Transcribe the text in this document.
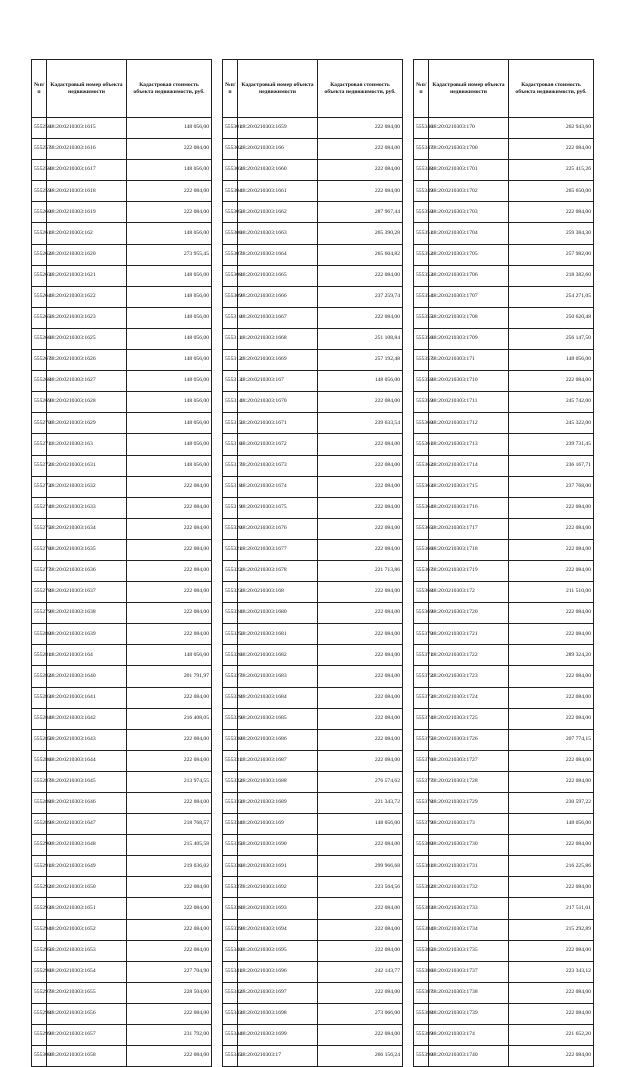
№п/п	Кадастровый номер объекта недвижимости	Кадастровая стоимость объекта недвижимости, руб.
555256	48:20:0210303:1615	148 056,00
555257	48:20:0210303:1616	222 084,00
555258	48:20:0210303:1617	148 056,00
555259	48:20:0210303:1618	222 084,00
555260	48:20:0210303:1619	222 084,00
555261	48:20:0210303:162	148 056,00
555262	48:20:0210303:1620	273 955,45
555263	48:20:0210303:1621	148 056,00
555264	48:20:0210303:1622	148 056,00
555265	48:20:0210303:1623	148 056,00
555266	48:20:0210303:1625	148 056,00
555267	48:20:0210303:1626	148 056,00
555268	48:20:0210303:1627	148 056,00
555269	48:20:0210303:1628	148 056,00
555270	48:20:0210303:1629	148 056,00
555271	48:20:0210303:163	148 056,00
555272	48:20:0210303:1631	148 056,00
555273	48:20:0210303:1632	222 084,00
555274	48:20:0210303:1633	222 084,00
555275	48:20:0210303:1634	222 084,00
555276	48:20:0210303:1635	222 084,00
555277	48:20:0210303:1636	222 084,00
555278	48:20:0210303:1637	222 084,00
555279	48:20:0210303:1638	222 084,00
555280	48:20:0210303:1639	222 084,00
555281	48:20:0210303:164	148 056,00
555282	48:20:0210303:1640	201 791,97
555283	48:20:0210303:1641	222 084,00
555284	48:20:0210303:1642	216 408,05
555285	48:20:0210303:1643	222 084,00
555286	48:20:0210303:1644	222 084,00
555287	48:20:0210303:1645	213 974,55
555288	48:20:0210303:1646	222 084,00
555289	48:20:0210303:1647	218 768,57
555290	48:20:0210303:1648	215 405,58
555291	48:20:0210303:1649	219 036,02
555292	48:20:0210303:1650	222 084,00
555293	48:20:0210303:1651	222 084,00
555294	48:20:0210303:1652	222 084,00
555295	48:20:0210303:1653	222 084,00
555296	48:20:0210303:1654	227 704,90
555297	48:20:0210303:1655	228 504,00
555298	48:20:0210303:1656	222 084,00
555299	48:20:0210303:1657	231 792,00
555300	48:20:0210303:1658	222 084,00
№п/п	Кадастровый номер объекта недвижимости	Кадастровая стоимость объекта недвижимости, руб.
555301	48:20:0210303:1659	222 084,00
555302	48:20:0210303:166	222 084,00
555303	48:20:0210303:1660	222 084,00
555304	48:20:0210303:1661	222 084,00
555305	48:20:0210303:1662	287 967,44
555306	48:20:0210303:1663	265 390,28
555307	48:20:0210303:1664	265 604,82
555308	48:20:0210303:1665	222 084,00
555309	48:20:0210303:1666	237 259,74
555310	48:20:0210303:1667	222 084,00
555311	48:20:0210303:1668	251 108,84
555312	48:20:0210303:1669	257 192,48
555313	48:20:0210303:167	148 056,00
555314	48:20:0210303:1670	222 084,00
555315	48:20:0210303:1671	239 633,54
555316	48:20:0210303:1672	222 084,00
555317	48:20:0210303:1673	222 084,00
555318	48:20:0210303:1674	222 084,00
555319	48:20:0210303:1675	222 084,00
555320	48:20:0210303:1676	222 084,00
555321	48:20:0210303:1677	222 084,00
555322	48:20:0210303:1678	221 713,86
555323	48:20:0210303:168	222 084,00
555324	48:20:0210303:1680	222 084,00
555325	48:20:0210303:1681	222 084,00
555326	48:20:0210303:1682	222 084,00
555327	48:20:0210303:1683	222 084,00
555328	48:20:0210303:1684	222 084,00
555329	48:20:0210303:1685	222 084,00
555330	48:20:0210303:1686	222 084,00
555331	48:20:0210303:1687	222 084,00
555332	48:20:0210303:1688	276 574,62
555333	48:20:0210303:1689	221 343,72
555334	48:20:0210303:169	148 056,00
555335	48:20:0210303:1690	222 084,00
555336	48:20:0210303:1691	299 966,68
555337	48:20:0210303:1692	223 564,56
555338	48:20:0210303:1693	222 084,00
555339	48:20:0210303:1694	222 084,00
555340	48:20:0210303:1695	222 084,00
555341	48:20:0210303:1696	242 143,77
555342	48:20:0210303:1697	222 084,00
555343	48:20:0210303:1698	273 066,00
555344	48:20:0210303:1699	222 084,00
555345	48:20:0210303:17	266 156,24
№п/п	Кадастровый номер объекта недвижимости	Кадастровая стоимость объекта недвижимости, руб.
555346	48:20:0210303:170	262 943,60
555347	48:20:0210303:1700	222 084,00
555348	48:20:0210303:1701	225 415,26
555349	48:20:0210303:1702	265 650,00
555350	48:20:0210303:1703	222 084,00
555351	48:20:0210303:1704	259 384,30
555352	48:20:0210303:1705	257 982,00
555353	48:20:0210303:1706	218 382,60
555354	48:20:0210303:1707	254 271,05
555355	48:20:0210303:1708	250 620,48
555356	48:20:0210303:1709	256 147,50
555357	48:20:0210303:171	148 056,00
555358	48:20:0210303:1710	222 084,00
555359	48:20:0210303:1711	245 742,00
555360	48:20:0210303:1712	245 322,00
555361	48:20:0210303:1713	239 731,45
555362	48:20:0210303:1714	236 167,71
555363	48:20:0210303:1715	237 768,00
555364	48:20:0210303:1716	222 084,00
555365	48:20:0210303:1717	222 084,00
555366	48:20:0210303:1718	222 084,00
555367	48:20:0210303:1719	222 084,00
555368	48:20:0210303:172	211 510,00
555369	48:20:0210303:1720	222 084,00
555370	48:20:0210303:1721	222 084,00
555371	48:20:0210303:1722	289 324,20
555372	48:20:0210303:1723	222 084,00
555373	48:20:0210303:1724	222 084,00
555374	48:20:0210303:1725	222 084,00
555375	48:20:0210303:1726	207 774,15
555376	48:20:0210303:1727	222 084,00
555377	48:20:0210303:1728	222 084,00
555378	48:20:0210303:1729	230 597,22
555379	48:20:0210303:173	148 056,00
555380	48:20:0210303:1730	222 084,00
555381	48:20:0210303:1731	216 225,86
555382	48:20:0210303:1732	222 084,00
555383	48:20:0210303:1733	217 511,01
555384	48:20:0210303:1734	215 292,89
555385	48:20:0210303:1735	222 084,00
555386	48:20:0210303:1737	223 343,12
555387	48:20:0210303:1738	222 084,00
555388	48:20:0210303:1739	222 084,00
555389	48:20:0210303:174	221 652,20
555390	48:20:0210303:1740	222 084,00
